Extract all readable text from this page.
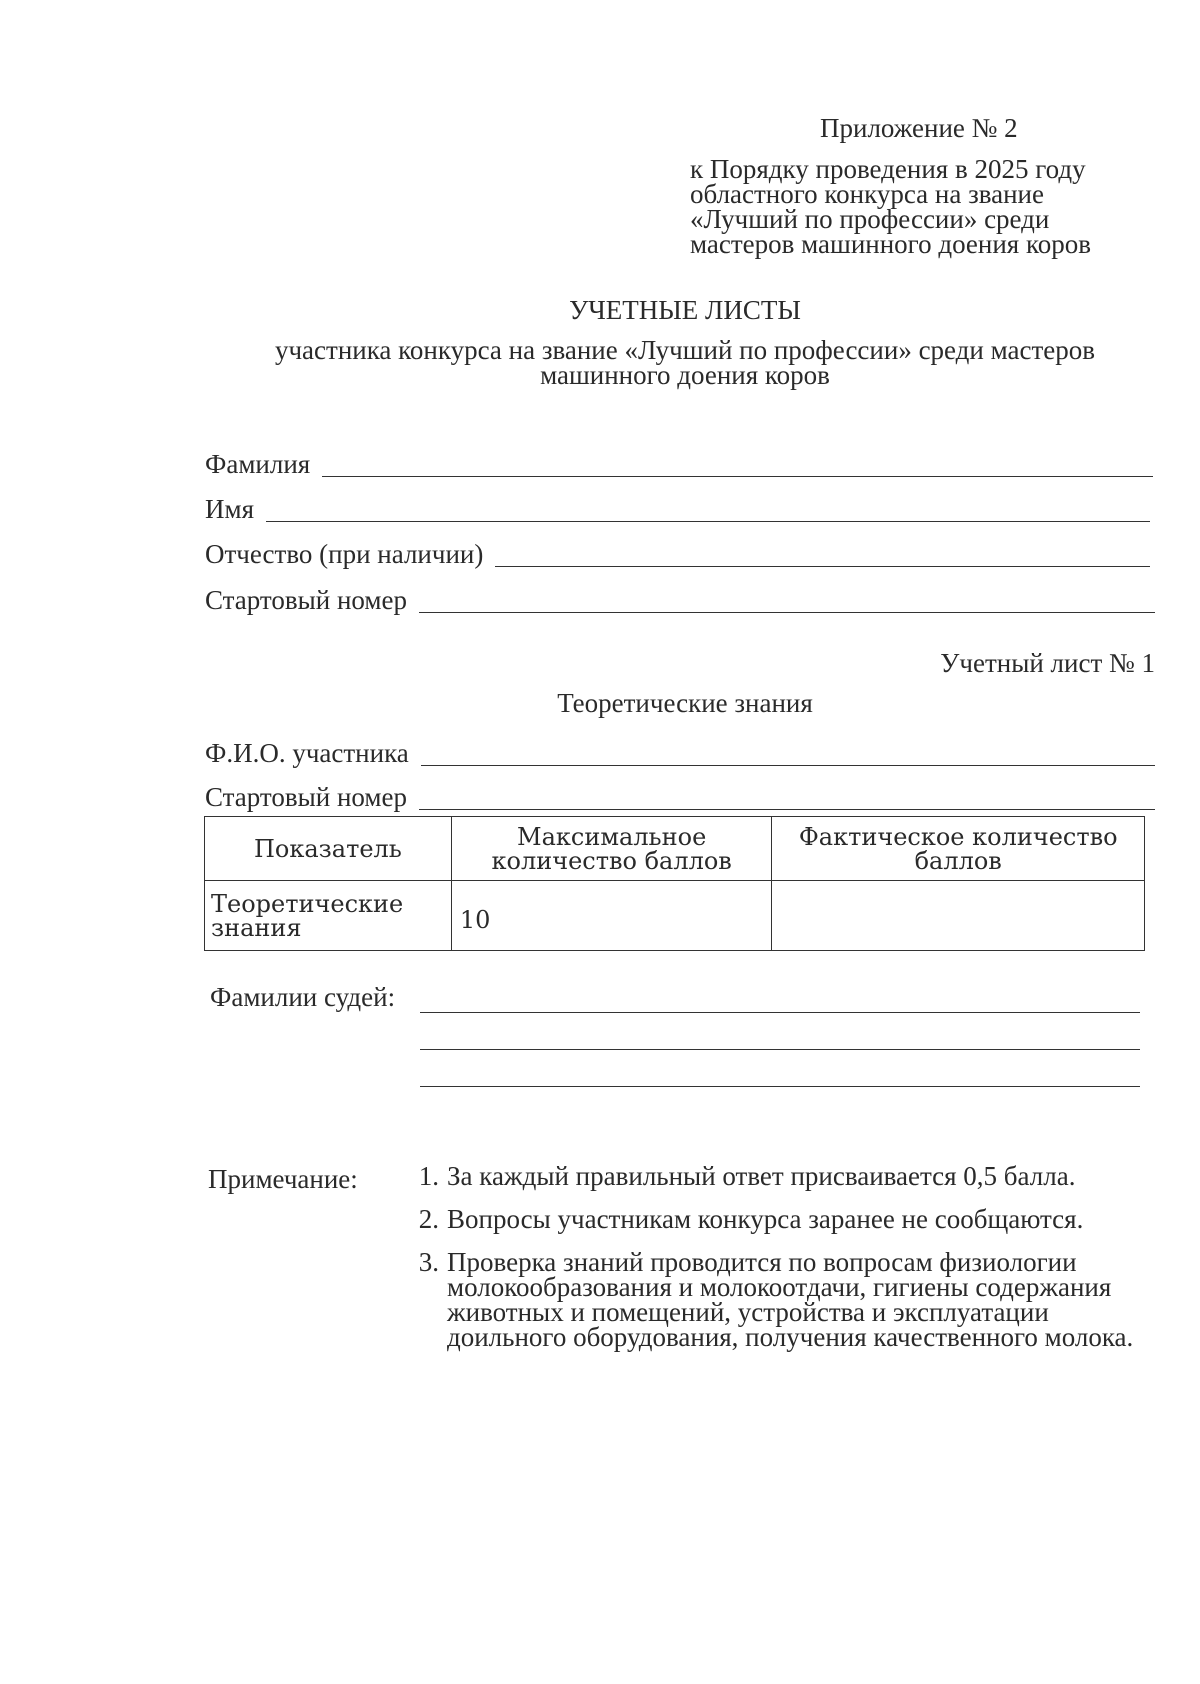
Приложение № 2
к Порядку проведения в 2025 году
областного конкурса на звание
«Лучший по профессии» среди
мастеров машинного доения коров
УЧЕТНЫЕ ЛИСТЫ
участника конкурса на звание «Лучший по профессии» среди мастеров
машинного доения коров
Фамилия
Имя
Отчество (при наличии)
Стартовый номер
Учетный лист № 1
Теоретические знания
Ф.И.О. участника
Стартовый номер
Показатель	Максимальное количество баллов	Фактическое количество баллов
Теоретические знания	10	
Фамилии судей:
Примечание:	1. За каждый правильный ответ присваивается 0,5 балла.
2. Вопросы участникам конкурса заранее не сообщаются.
3. Проверка знаний проводится по вопросам физиологии молокообразования и молокоотдачи, гигиены содержания животных и помещений, устройства и эксплуатации доильного оборудования, получения качественного молока.
